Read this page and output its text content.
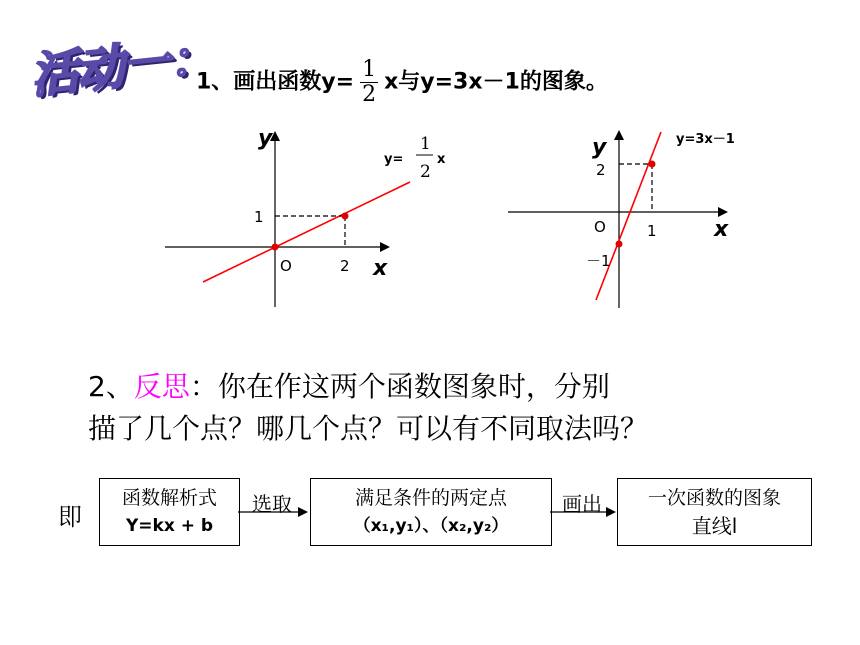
活动一：
1、画出函数$y= \frac{1}{2}$ x与y=3x－1的图象。
y
x
O	2
1
y=
1
2
x	y
x
O	1
2
－1
y=3x－1
2、反思：你在作这两个函数图象时，分别
描了几个点？哪几个点？可以有不同取法吗？
即
函数解析式
Y=kx + b
选取	满足条件的两定点
（x₁,y₁）、（x₂,y₂）
画出 一次函数的图象
直线l
